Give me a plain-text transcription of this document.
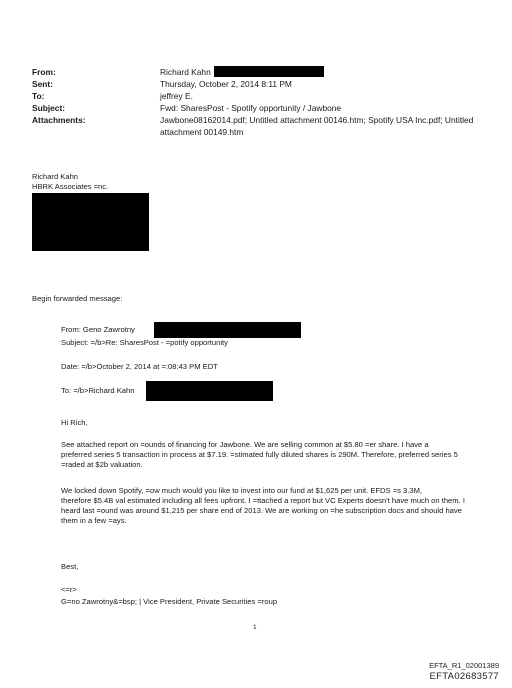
From:	Richard Kahn
Sent:	Thursday, October 2, 2014 8:11 PM
To:	jeffrey E.
Subject:	Fwd: SharesPost - Spotify opportunity / Jawbone
Attachments:	Jawbone08162014.pdf; Untitled attachment 00146.htm; Spotify USA Inc.pdf; Untitled
attachment 00149.htm
Richard Kahn
HBRK Associates =nc.
Begin forwarded message:
From: Geno Zawrotny
Subject: =/b>Re: SharesPost - =potify opportunity
Date: =/b>October 2, 2014 at =:08:43 PM EDT
To: =/b>Richard Kahn
Hi Rich,
See attached report on =ounds of financing for Jawbone. We are selling common at $5.80 =er share. I have a
preferred series 5 transaction in process at $7.19. =stimated fully diluted shares is 290M. Therefore, preferred series 5
=raded at $2b valuation.
We locked down Spotify, =ow much would you like to invest into our fund at $1,625 per unit. EFDS =s 3.3M,
therefore $5.4B val estimated including all fees upfront. I =ttached a report but VC Experts doesn't have much on them. I
heard last =ound was around $1,215 per share end of 2013. We are working on =he subscription docs and should have
them in a few =ays.
Best,
<=r>
G=no Zawrotny&=bsp; | Vice President, Private Securities =roup
1
EFTA_R1_02001389
EFTA02683577
